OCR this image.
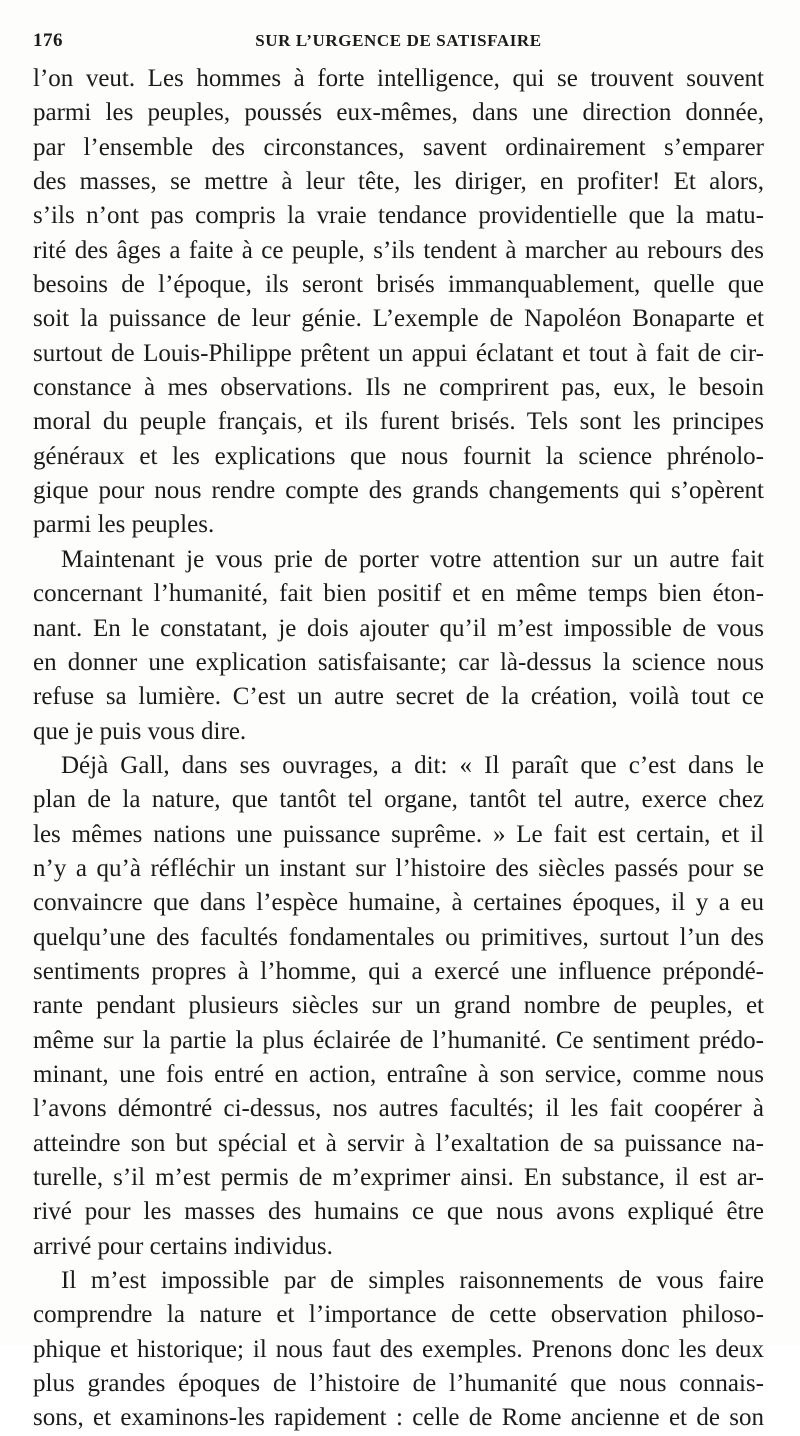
176	SUR L’URGENCE DE SATISFAIRE
l’on veut. Les hommes à forte intelligence, qui se trouvent souvent
parmi les peuples, poussés eux-mêmes, dans une direction donnée,
par l’ensemble des circonstances, savent ordinairement s’emparer
des masses, se mettre à leur tête, les diriger, en profiter! Et alors,
s’ils n’ont pas compris la vraie tendance providentielle que la matu-
rité des âges a faite à ce peuple, s’ils tendent à marcher au rebours des
besoins de l’époque, ils seront brisés immanquablement, quelle que
soit la puissance de leur génie. L’exemple de Napoléon Bonaparte et
surtout de Louis-Philippe prêtent un appui éclatant et tout à fait de cir-
constance à mes observations. Ils ne comprirent pas, eux, le besoin
moral du peuple français, et ils furent brisés. Tels sont les principes
généraux et les explications que nous fournit la science phrénolo-
gique pour nous rendre compte des grands changements qui s’opèrent
parmi les peuples.
Maintenant je vous prie de porter votre attention sur un autre fait
concernant l’humanité, fait bien positif et en même temps bien éton-
nant. En le constatant, je dois ajouter qu’il m’est impossible de vous
en donner une explication satisfaisante; car là-dessus la science nous
refuse sa lumière. C’est un autre secret de la création, voilà tout ce
que je puis vous dire.
Déjà Gall, dans ses ouvrages, a dit: « Il paraît que c’est dans le
plan de la nature, que tantôt tel organe, tantôt tel autre, exerce chez
les mêmes nations une puissance suprême. » Le fait est certain, et il
n’y a qu’à réfléchir un instant sur l’histoire des siècles passés pour se
convaincre que dans l’espèce humaine, à certaines époques, il y a eu
quelqu’une des facultés fondamentales ou primitives, surtout l’un des
sentiments propres à l’homme, qui a exercé une influence prépondé-
rante pendant plusieurs siècles sur un grand nombre de peuples, et
même sur la partie la plus éclairée de l’humanité. Ce sentiment prédo-
minant, une fois entré en action, entraîne à son service, comme nous
l’avons démontré ci-dessus, nos autres facultés; il les fait coopérer à
atteindre son but spécial et à servir à l’exaltation de sa puissance na-
turelle, s’il m’est permis de m’exprimer ainsi. En substance, il est ar-
rivé pour les masses des humains ce que nous avons expliqué être
arrivé pour certains individus.
Il m’est impossible par de simples raisonnements de vous faire
comprendre la nature et l’importance de cette observation philoso-
phique et historique; il nous faut des exemples. Prenons donc les deux
plus grandes époques de l’histoire de l’humanité que nous connais-
sons, et examinons-les rapidement : celle de Rome ancienne et de son
